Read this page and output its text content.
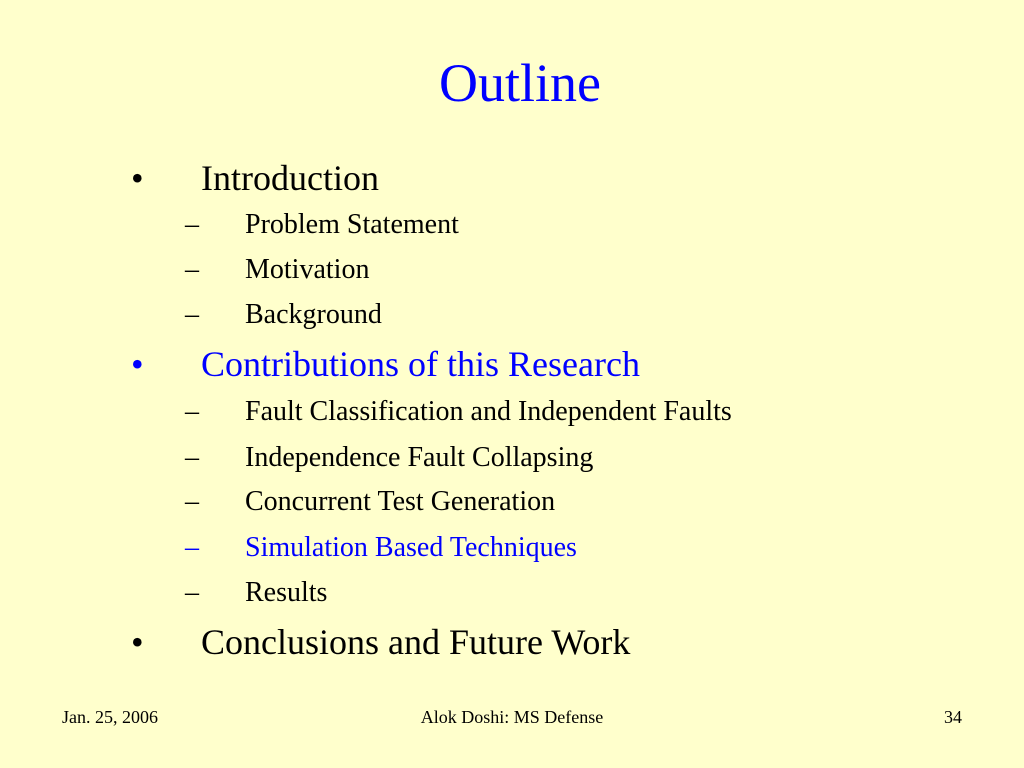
Outline
• Introduction
– Problem Statement
– Motivation
– Background
• Contributions of this Research
– Fault Classification and Independent Faults
– Independence Fault Collapsing
– Concurrent Test Generation
– Simulation Based Techniques
– Results
• Conclusions and Future Work
Jan. 25, 2006	Alok Doshi: MS Defense	34
